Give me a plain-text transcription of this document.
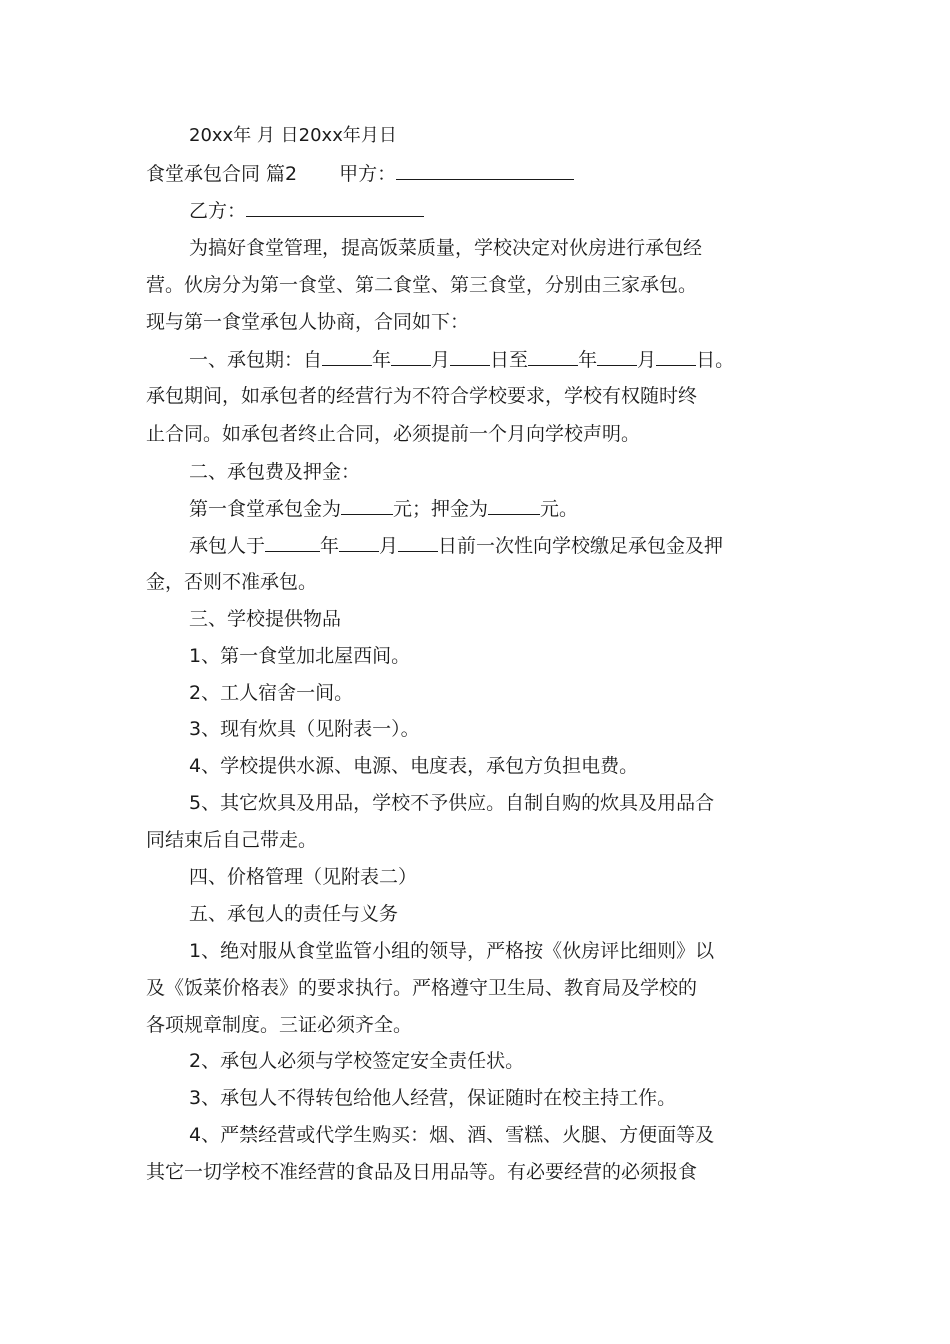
20xx年 月 日20xx年月日
食堂承包合同 篇2 甲方：
乙方：
为搞好食堂管理，提高饭菜质量，学校决定对伙房进行承包经
营。伙房分为第一食堂、第二食堂、第三食堂，分别由三家承包。
现与第一食堂承包人协商，合同如下：
一、承包期：自	年 月 日至	年 月 日。
承包期间，如承包者的经营行为不符合学校要求，学校有权随时终
止合同。如承包者终止合同，必须提前一个月向学校声明。
二、承包费及押金：
第一食堂承包金为	元；押金为	元。
承包人于	年 月 日前一次性向学校缴足承包金及押
金，否则不准承包。
三、学校提供物品
1、第一食堂加北屋西间。
2、工人宿舍一间。
3、现有炊具（见附表一）。
4、学校提供水源、电源、电度表，承包方负担电费。
5、其它炊具及用品，学校不予供应。自制自购的炊具及用品合
同结束后自己带走。
四、价格管理（见附表二）
五、承包人的责任与义务
1、绝对服从食堂监管小组的领导，严格按《伙房评比细则》以
及《饭菜价格表》的要求执行。严格遵守卫生局、教育局及学校的
各项规章制度。三证必须齐全。
2、承包人必须与学校签定安全责任状。
3、承包人不得转包给他人经营，保证随时在校主持工作。
4、严禁经营或代学生购买：烟、酒、雪糕、火腿、方便面等及
其它一切学校不准经营的食品及日用品等。有必要经营的必须报食
